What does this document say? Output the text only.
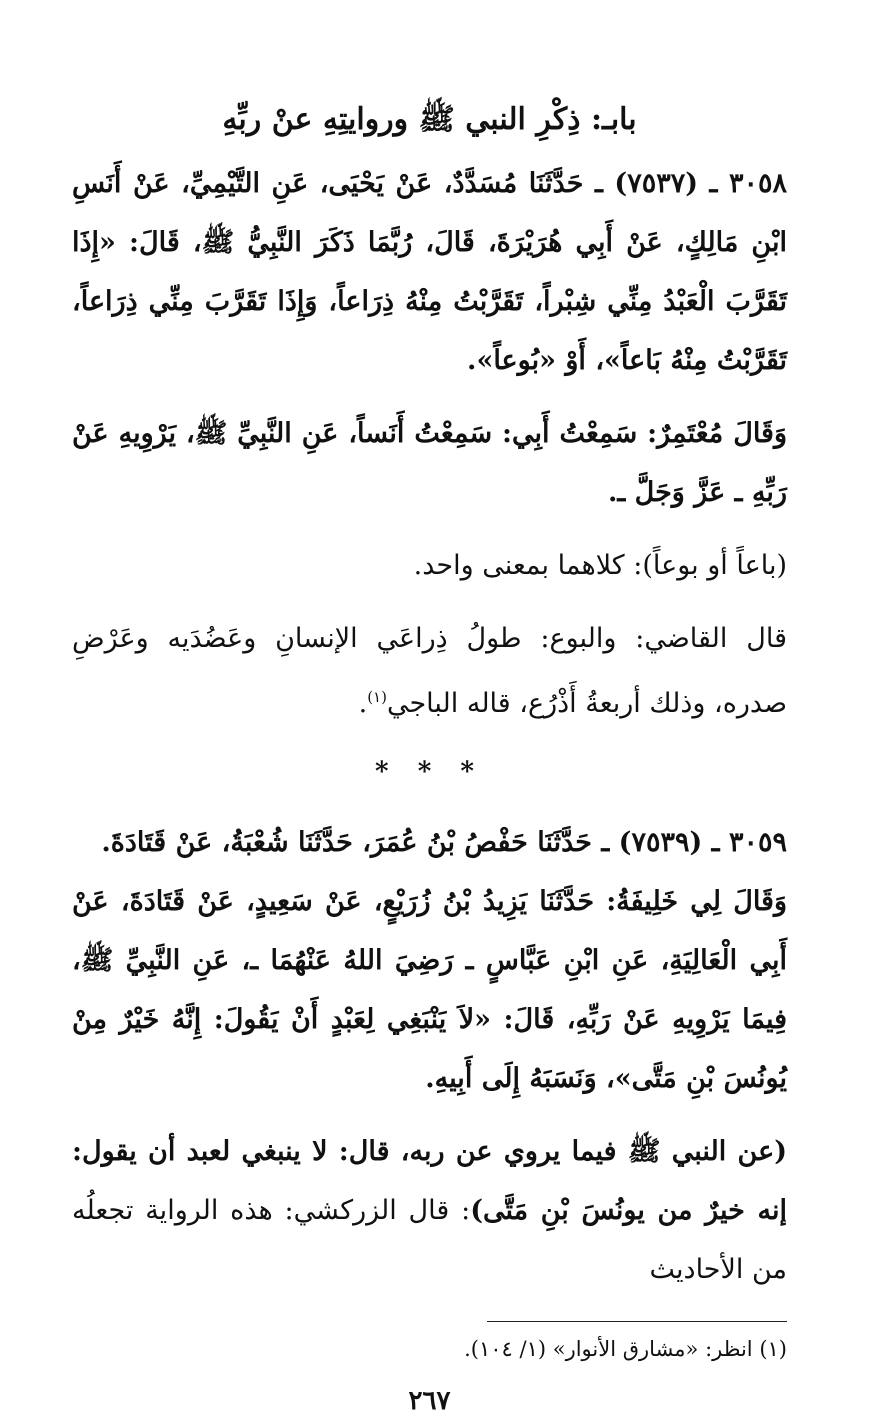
بابـ: ذِكْرِ النبي ﷺ وروايتِهِ عنْ ربِّهِ

٣٠٥٨ ـ (٧٥٣٧) ـ حَدَّثَنَا مُسَدَّدٌ، عَنْ يَحْيَى، عَنِ التَّيْمِيِّ، عَنْ أَنَسِ ابْنِ مَالِكٍ، عَنْ أَبِي هُرَيْرَةَ، قَالَ، رُبَّمَا ذَكَرَ النَّبِيُّ ﷺ، قَالَ: «إِذَا تَقَرَّبَ الْعَبْدُ مِنِّي شِبْراً، تَقَرَّبْتُ مِنْهُ ذِرَاعاً، وَإِذَا تَقَرَّبَ مِنِّي ذِرَاعاً، تَقَرَّبْتُ مِنْهُ بَاعاً»، أَوْ «بُوعاً».

وَقَالَ مُعْتَمِرٌ: سَمِعْتُ أَبِي: سَمِعْتُ أَنَساً، عَنِ النَّبِيِّ ﷺ، يَرْوِيهِ عَنْ رَبِّهِ ـ عَزَّ وَجَلَّ ـ.

(باعاً أو بوعاً): كلاهما بمعنى واحد.

قال القاضي: والبوع: طولُ ذِراعَي الإنسانِ وعَضُدَيه وعَرْضِ صدره، وذلك أربعةُ أَذْرُع، قاله الباجي$^{(١)}$.

* * *

٣٠٥٩ ـ (٧٥٣٩) ـ حَدَّثَنَا حَفْصُ بْنُ عُمَرَ، حَدَّثَنَا شُعْبَةُ، عَنْ قَتَادَةَ.

وَقَالَ لِي خَلِيفَةُ: حَدَّثَنَا يَزِيدُ بْنُ زُرَيْعٍ، عَنْ سَعِيدٍ، عَنْ قَتَادَةَ، عَنْ أَبِي الْعَالِيَةِ، عَنِ ابْنِ عَبَّاسٍ ـ رَضِيَ اللهُ عَنْهُمَا ـ، عَنِ النَّبِيِّ ﷺ، فِيمَا يَرْوِيهِ عَنْ رَبِّهِ، قَالَ: «لاَ يَنْبَغِي لِعَبْدٍ أَنْ يَقُولَ: إِنَّهُ خَيْرٌ مِنْ يُونُسَ بْنِ مَتَّى»، وَنَسَبَهُ إِلَى أَبِيهِ.

(عن النبي ﷺ فيما يروي عن ربه، قال: لا ينبغي لعبد أن يقول: إنه خيرٌ من يونُسَ بْنِ مَتَّى): قال الزركشي: هذه الرواية تجعلُه من الأحاديث

(١) انظر: «مشارق الأنوار» (١/ ١٠٤).

٢٦٧
